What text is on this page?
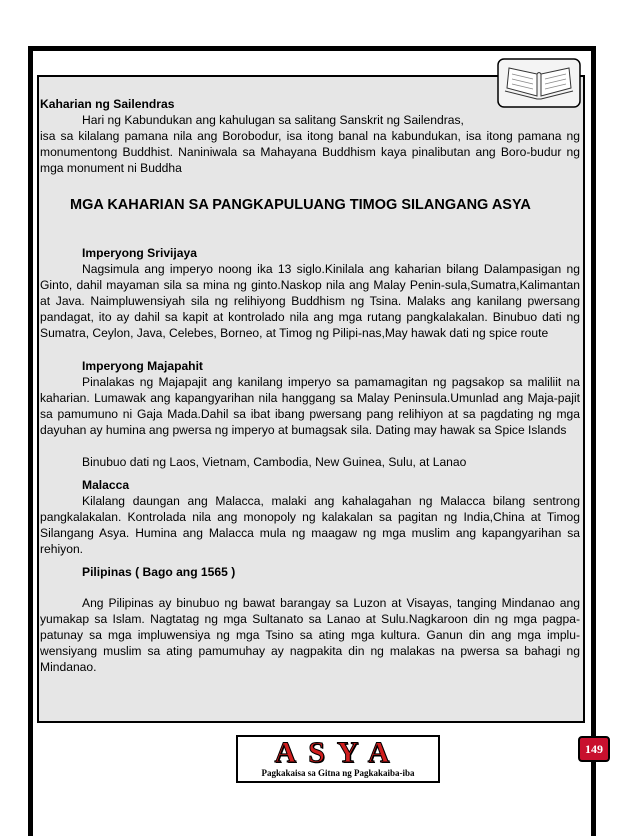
Kaharian ng Sailendras

Hari ng Kabundukan ang kahulugan sa salitang Sanskrit ng Sailendras,

isa sa kilalang pamana nila ang Borobodur, isa itong banal na kabundukan, isa itong pamana ng monumentong Buddhist. Naniniwala sa Mahayana Buddhism kaya pinalibutan ang Boro-budur ng mga monument ni Buddha

MGA KAHARIAN SA PANGKAPULUANG TIMOG SILANGANG ASYA

Imperyong Srivijaya

Nagsimula ang imperyo noong ika 13 siglo.Kinilala ang kaharian bilang Dalampasigan ng Ginto, dahil mayaman sila sa mina ng ginto.Naskop nila ang Malay Penin-sula,Sumatra,Kalimantan at Java. Naimpluwensiyah sila ng relihiyong Buddhism ng Tsina. Malaks ang kanilang pwersang pandagat, ito ay dahil sa kapit at kontrolado nila ang mga rutang pangkalakalan. Binubuo dati ng Sumatra, Ceylon, Java, Celebes, Borneo, at Timog ng Pilipi-nas,May hawak dati ng spice route

Imperyong Majapahit

Pinalakas ng Majapajit ang kanilang imperyo sa pamamagitan ng pagsakop sa maliliit na kaharian. Lumawak ang kapangyarihan nila hanggang sa Malay Peninsula.Umunlad ang Maja-pajit sa pamumuno ni Gaja Mada.Dahil sa ibat ibang pwersang pang relihiyon at sa pagdating ng mga dayuhan ay humina ang pwersa ng imperyo at bumagsak sila. Dating may hawak sa Spice Islands

Binubuo dati ng Laos, Vietnam, Cambodia, New Guinea, Sulu, at Lanao

Malacca

Kilalang daungan ang Malacca, malaki ang kahalagahan ng Malacca bilang sentrong pangkalakalan. Kontrolada nila ang monopoly ng kalakalan sa pagitan ng India,China at Timog Silangang Asya. Humina ang Malacca mula ng maagaw ng mga muslim ang kapangyarihan sa rehiyon.

Pilipinas ( Bago ang 1565 )

Ang Pilipinas ay binubuo ng bawat barangay sa Luzon at Visayas, tanging Mindanao ang yumakap sa Islam. Nagtatag ng mga Sultanato sa Lanao at Sulu.Nagkaroon din ng mga pagpa-patunay sa mga impluwensiya ng mga Tsino sa ating mga kultura. Ganun din ang mga implu-wensiyang muslim sa ating pamumuhay ay nagpakita din ng malakas na pwersa sa bahagi ng Mindanao.

ASYA
Pagkakaisa sa Gitna ng Pagkakaiba-iba
149
